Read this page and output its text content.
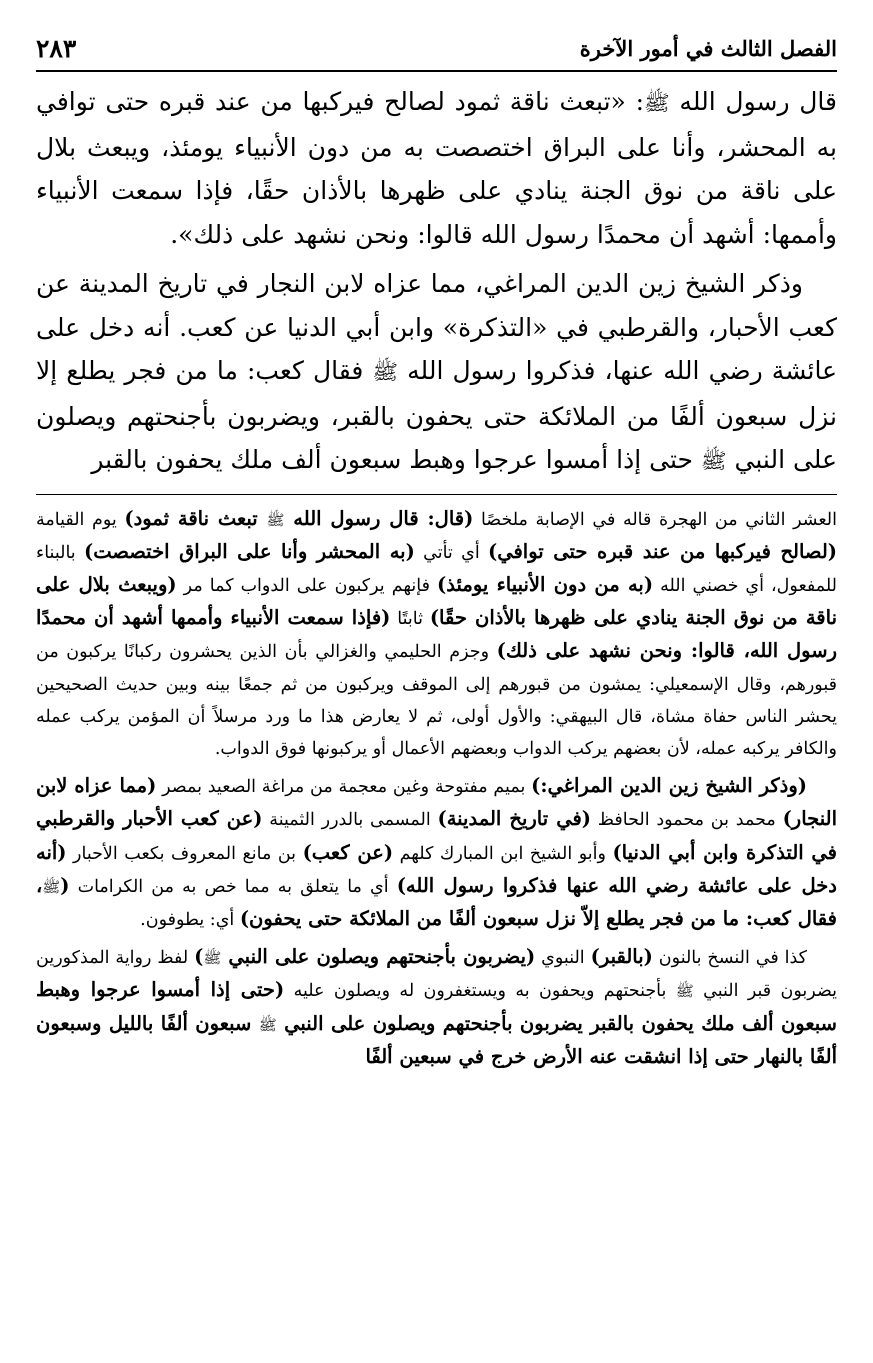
الفصل الثالث في أمور الآخرة
٢٨٣

قال رسول الله ﷺ: «تبعث ناقة ثمود لصالح فيركبها من عند قبره حتى توافي به المحشر، وأنا على البراق اختصصت به من دون الأنبياء يومئذ، ويبعث بلال على ناقة من نوق الجنة ينادي على ظهرها بالأذان حقًا، فإذا سمعت الأنبياء وأممها: أشهد أن محمدًا رسول الله قالوا: ونحن نشهد على ذلك».

وذكر الشيخ زين الدين المراغي، مما عزاه لابن النجار في تاريخ المدينة عن كعب الأحبار، والقرطبي في «التذكرة» وابن أبي الدنيا عن كعب. أنه دخل على عائشة رضي الله عنها، فذكروا رسول الله ﷺ فقال كعب: ما من فجر يطلع إلا نزل سبعون ألفًا من الملائكة حتى يحفون بالقبر، ويضربون بأجنحتهم ويصلون على النبي ﷺ حتى إذا أمسوا عرجوا وهبط سبعون ألف ملك يحفون بالقبر

العشر الثاني من الهجرة قاله في الإصابة ملخصًا (قال: قال رسول الله ﷺ تبعث ناقة ثمود) يوم القيامة (لصالح فيركبها من عند قبره حتى توافي) أي تأتي (به المحشر وأنا على البراق اختصصت) بالبناء للمفعول، أي خصني الله (به من دون الأنبياء يومئذ) فإنهم يركبون على الدواب كما مر (ويبعث بلال على ناقة من نوق الجنة ينادي على ظهرها بالأذان حقًا) ثابتًا (فإذا سمعت الأنبياء وأممها أشهد أن محمدًا رسول الله، قالوا: ونحن نشهد على ذلك) وجزم الحليمي والغزالي بأن الذين يحشرون ركبانًا يركبون من قبورهم، وقال الإسمعيلي: يمشون من قبورهم إلى الموقف ويركبون من ثم جمعًا بينه وبين حديث الصحيحين يحشر الناس حفاة مشاة، قال البيهقي: والأول أولى، ثم لا يعارض هذا ما ورد مرسلاً أن المؤمن يركب عمله والكافر يركبه عمله، لأن بعضهم يركب الدواب وبعضهم الأعمال أو يركبونها فوق الدواب.

(وذكر الشيخ زين الدين المراغي:) بميم مفتوحة وغين معجمة من مراغة الصعيد بمصر (مما عزاه لابن النجار) محمد بن محمود الحافظ (في تاريخ المدينة) المسمى بالدرر الثمينة (عن كعب الأحبار والقرطبي في التذكرة وابن أبي الدنيا) وأبو الشيخ ابن المبارك كلهم (عن كعب) بن مانع المعروف بكعب الأحبار (أنه دخل على عائشة رضي الله عنها فذكروا رسول الله) أي ما يتعلق به مما خص به من الكرامات (ﷺ، فقال كعب: ما من فجر يطلع إلاّ نزل سبعون ألفًا من الملائكة حتى يحفون) أي: يطوفون.

كذا في النسخ بالنون (بالقبر) النبوي (يضربون بأجنحتهم ويصلون على النبي ﷺ) لفظ رواية المذكورين يضربون قبر النبي ﷺ بأجنحتهم ويحفون به ويستغفرون له ويصلون عليه (حتى إذا أمسوا عرجوا وهبط سبعون ألف ملك يحفون بالقبر يضربون بأجنحتهم ويصلون على النبي ﷺ سبعون ألفًا بالليل وسبعون ألفًا بالنهار حتى إذا انشقت عنه الأرض خرج في سبعين ألفًا
